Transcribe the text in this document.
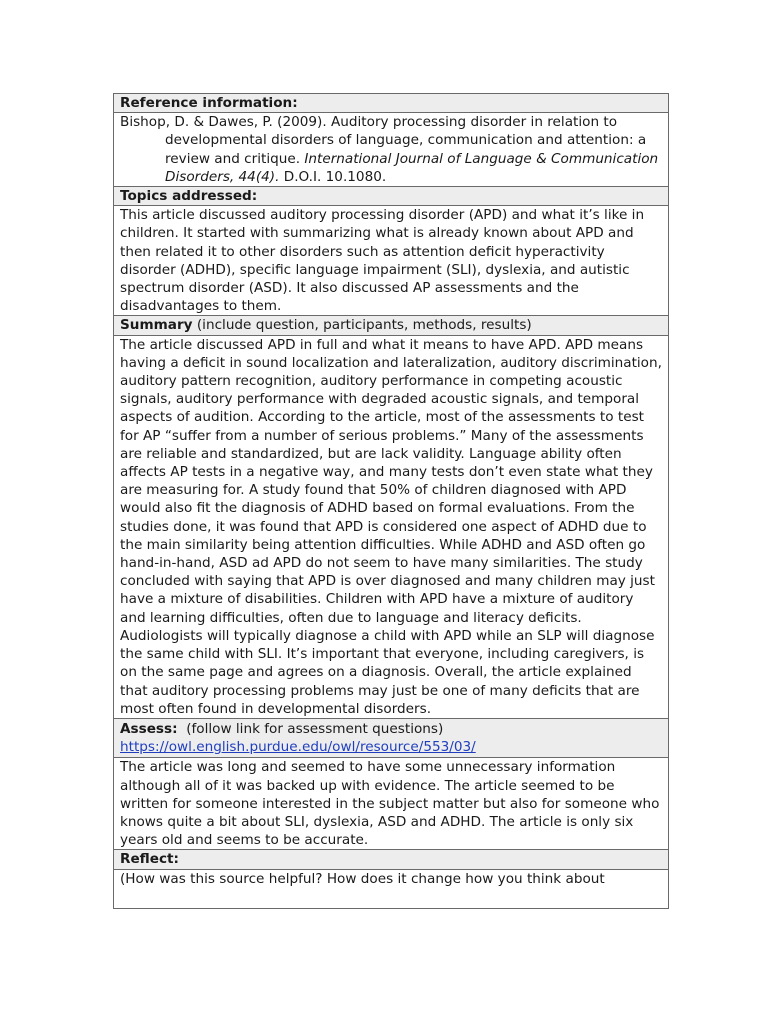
Reference information:
Bishop, D. & Dawes, P. (2009). Auditory processing disorder in relation to developmental disorders of language, communication and attention: a review and critique. International Journal of Language & Communication Disorders, 44(4). D.O.I. 10.1080.
Topics addressed:
This article discussed auditory processing disorder (APD) and what it’s like in children. It started with summarizing what is already known about APD and then related it to other disorders such as attention deficit hyperactivity disorder (ADHD), specific language impairment (SLI), dyslexia, and autistic spectrum disorder (ASD). It also discussed AP assessments and the disadvantages to them.
Summary (include question, participants, methods, results)
The article discussed APD in full and what it means to have APD. APD means having a deficit in sound localization and lateralization, auditory discrimination, auditory pattern recognition, auditory performance in competing acoustic signals, auditory performance with degraded acoustic signals, and temporal aspects of audition. According to the article, most of the assessments to test for AP “suffer from a number of serious problems.” Many of the assessments are reliable and standardized, but are lack validity. Language ability often affects AP tests in a negative way, and many tests don’t even state what they are measuring for. A study found that 50% of children diagnosed with APD would also fit the diagnosis of ADHD based on formal evaluations. From the studies done, it was found that APD is considered one aspect of ADHD due to the main similarity being attention difficulties. While ADHD and ASD often go hand-in-hand, ASD ad APD do not seem to have many similarities. The study concluded with saying that APD is over diagnosed and many children may just have a mixture of disabilities. Children with APD have a mixture of auditory and learning difficulties, often due to language and literacy deficits. Audiologists will typically diagnose a child with APD while an SLP will diagnose the same child with SLI. It’s important that everyone, including caregivers, is on the same page and agrees on a diagnosis. Overall, the article explained that auditory processing problems may just be one of many deficits that are most often found in developmental disorders.
Assess:  (follow link for assessment questions)
https://owl.english.purdue.edu/owl/resource/553/03/
The article was long and seemed to have some unnecessary information although all of it was backed up with evidence. The article seemed to be written for someone interested in the subject matter but also for someone who knows quite a bit about SLI, dyslexia, ASD and ADHD. The article is only six years old and seems to be accurate.
Reflect:
(How was this source helpful? How does it change how you think about
